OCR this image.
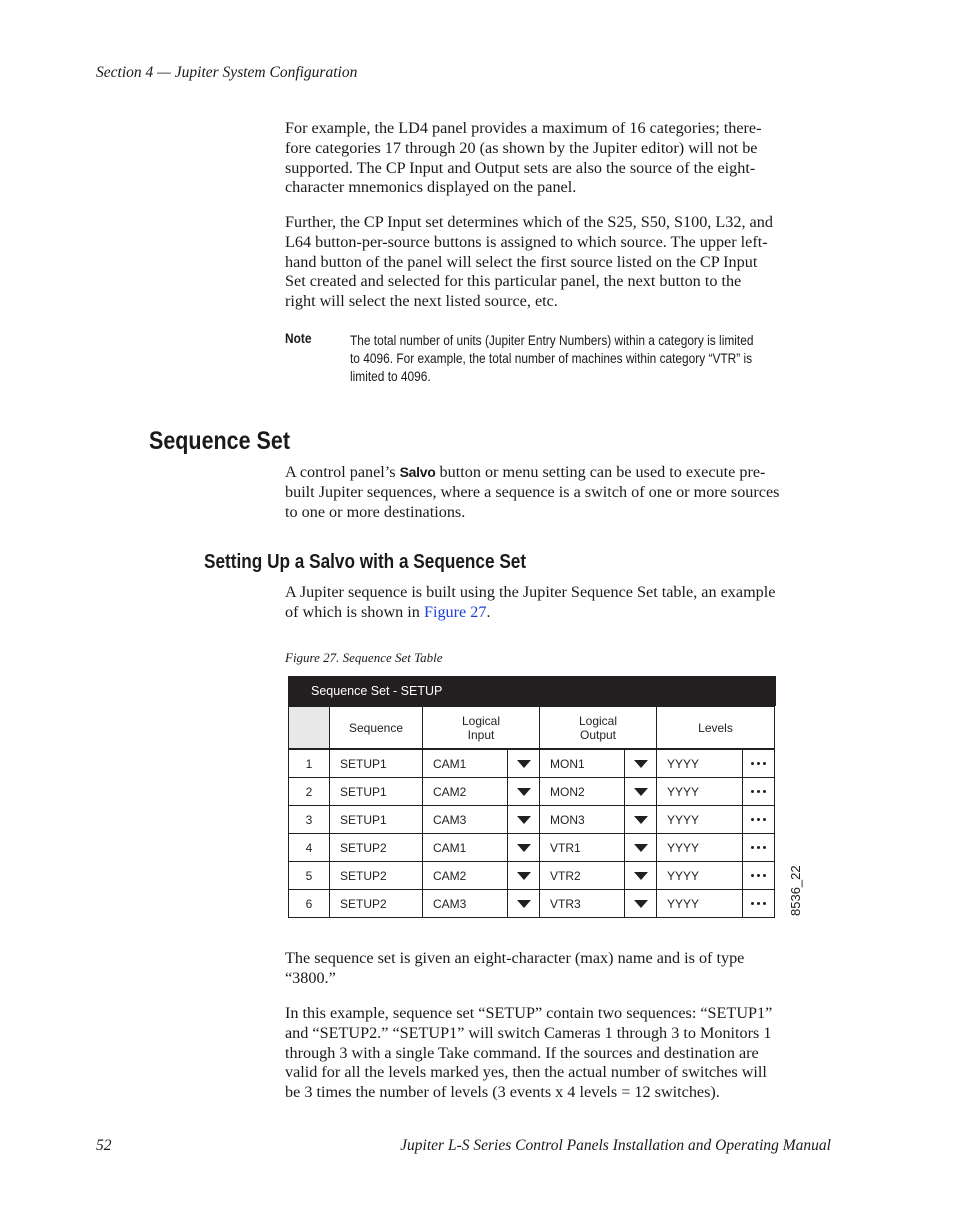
Section 4 — Jupiter System Configuration
For example, the LD4 panel provides a maximum of 16 categories; there-
fore categories 17 through 20 (as shown by the Jupiter editor) will not be
supported. The CP Input and Output sets are also the source of the eight-
character mnemonics displayed on the panel.
Further, the CP Input set determines which of the S25, S50, S100, L32, and
L64 button-per-source buttons is assigned to which source. The upper left-
hand button of the panel will select the first source listed on the CP Input
Set created and selected for this particular panel, the next button to the
right will select the next listed source, etc.
Note	The total number of units (Jupiter Entry Numbers) within a category is limited
to 4096. For example, the total number of machines within category “VTR” is
limited to 4096.
Sequence Set
A control panel’s Salvo button or menu setting can be used to execute pre-
built Jupiter sequences, where a sequence is a switch of one or more sources
to one or more destinations.
Setting Up a Salvo with a Sequence Set
A Jupiter sequence is built using the Jupiter Sequence Set table, an example
of which is shown in Figure 27.
Figure 27. Sequence Set Table
Sequence Set - SETUP
Sequence	Logical
Input
Logical
Output	Levels
1	SETUP1	CAM1	MON1	YYYY
2	SETUP1	CAM2	MON2	YYYY
3	SETUP1	CAM3	MON3	YYYY
4	SETUP2	CAM1	VTR1	YYYY
5	SETUP2	CAM2	VTR2	YYYY
6	SETUP2	CAM3	VTR3	YYYY	8536_22
The sequence set is given an eight-character (max) name and is of type
“3800.”
In this example, sequence set “SETUP” contain two sequences: “SETUP1”
and “SETUP2.” “SETUP1” will switch Cameras 1 through 3 to Monitors 1
through 3 with a single Take command. If the sources and destination are
valid for all the levels marked yes, then the actual number of switches will
be 3 times the number of levels (3 events x 4 levels = 12 switches).
52	Jupiter L-S Series Control Panels Installation and Operating Manual
